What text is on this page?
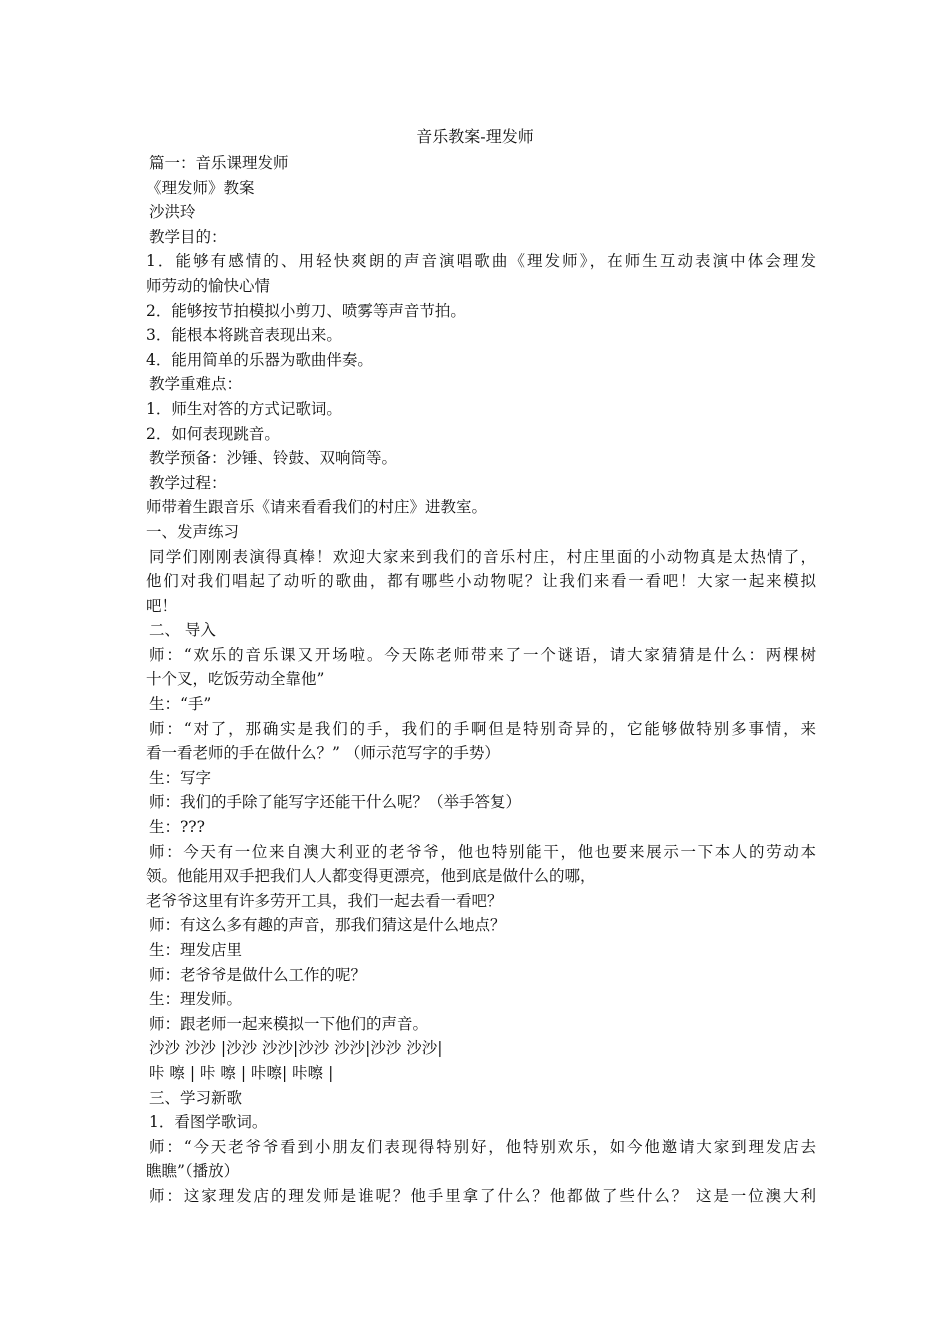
音乐教案-理发师
篇一：音乐课理发师
《理发师》教案
沙洪玲
教学目的：
1．能够有感情的、用轻快爽朗的声音演唱歌曲《理发师》，在师生互动表演中体会理发
师劳动的愉快心情
2．能够按节拍模拟小剪刀、喷雾等声音节拍。
3．能根本将跳音表现出来。
4．能用简单的乐器为歌曲伴奏。
教学重难点：
1．师生对答的方式记歌词。
2．如何表现跳音。
教学预备：沙锤、铃鼓、双响筒等。
教学过程：
师带着生跟音乐《请来看看我们的村庄》进教室。
一、发声练习
同学们刚刚表演得真棒！欢迎大家来到我们的音乐村庄，村庄里面的小动物真是太热情了，
他们对我们唱起了动听的歌曲，都有哪些小动物呢？让我们来看一看吧！大家一起来模拟
吧！
二、 导入
师：“欢乐的音乐课又开场啦。今天陈老师带来了一个谜语，请大家猜猜是什么：两棵树
十个叉，吃饭劳动全靠他”
生：“手”
师：“对了，那确实是我们的手，我们的手啊但是特别奇异的，它能够做特别多事情，来
看一看老师的手在做什么？” （师示范写字的手势）
生：写字
师：我们的手除了能写字还能干什么呢？（举手答复）
生：???
师：今天有一位来自澳大利亚的老爷爷，他也特别能干，他也要来展示一下本人的劳动本
领。他能用双手把我们人人都变得更漂亮，他到底是做什么的哪，
老爷爷这里有许多劳开工具，我们一起去看一看吧？
师：有这么多有趣的声音，那我们猜这是什么地点？
生：理发店里
师：老爷爷是做什么工作的呢？
生：理发师。
师：跟老师一起来模拟一下他们的声音。
沙沙 沙沙 |沙沙 沙沙|沙沙 沙沙|沙沙 沙沙|
咔 嚓 | 咔 嚓 | 咔嚓| 咔嚓 |
三、学习新歌
1．看图学歌词。
师：“今天老爷爷看到小朋友们表现得特别好，他特别欢乐，如今他邀请大家到理发店去
瞧瞧”（播放）
师：这家理发店的理发师是谁呢？他手里拿了什么？他都做了些什么？ 这是一位澳大利
